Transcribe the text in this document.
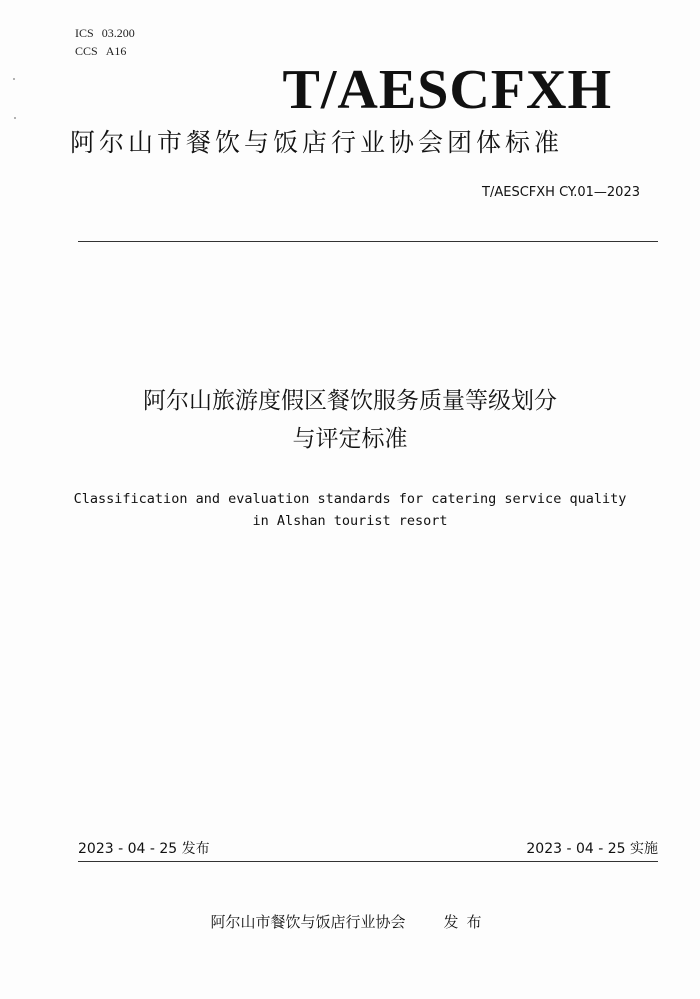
ICS 03.200
CCS A16
T/AESCFXH
阿尔山市餐饮与饭店行业协会团体标准
T/AESCFXH CY.01—2023
阿尔山旅游度假区餐饮服务质量等级划分
与评定标准
Classification and evaluation standards for catering service quality
in Alshan tourist resort
2023 - 04 - 25 发布	2023 - 04 - 25 实施
阿尔山市餐饮与饭店行业协会	发布
